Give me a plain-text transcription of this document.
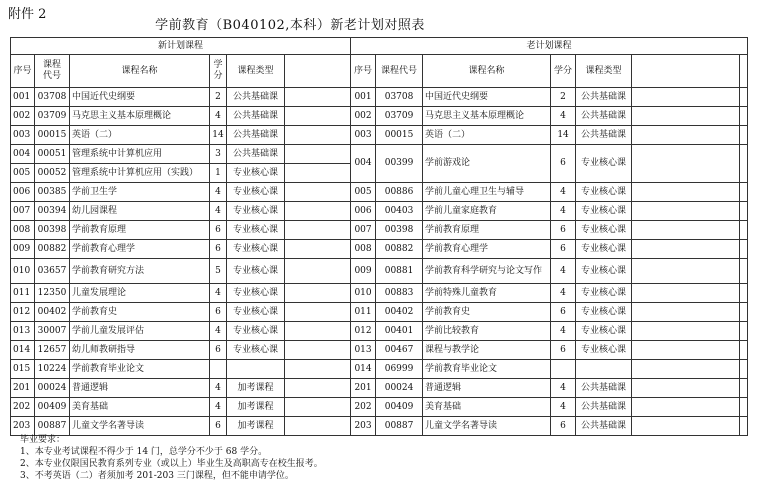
附件 2
学前教育（B040102,本科）新老计划对照表
新计划课程						老计划课程						
序号	课程代号	课程名称	学分	课程类型		序号	课程代号	课程名称	学分	课程类型		
001	03708	中国近代史纲要	2	公共基础课		001	03708	中国近代史纲要	2	公共基础课		
002	03709	马克思主义基本原理概论	4	公共基础课		002	03709	马克思主义基本原理概论	4	公共基础课		
003	00015	英语（二）	14	公共基础课		003	00015	英语（二）	14	公共基础课		
004	00051	管理系统中计算机应用	3	公共基础课		004	00399	学前游戏论	6	专业核心课		
005	00052	管理系统中计算机应用（实践）	1	专业核心课								
006	00385	学前卫生学	4	专业核心课		005	00886	学前儿童心理卫生与辅导	4	专业核心课		
007	00394	幼儿园课程	4	专业核心课		006	00403	学前儿童家庭教育	4	专业核心课		
008	00398	学前教育原理	6	专业核心课		007	00398	学前教育原理	6	专业核心课		
009	00882	学前教育心理学	6	专业核心课		008	00882	学前教育心理学	6	专业核心课		
010	03657	学前教育研究方法	5	专业核心课		009	00881	学前教育科学研究与论文写作	4	专业核心课		
011	12350	儿童发展理论	4	专业核心课		010	00883	学前特殊儿童教育	4	专业核心课		
012	00402	学前教育史	6	专业核心课		011	00402	学前教育史	6	专业核心课		
013	30007	学前儿童发展评估	4	专业核心课		012	00401	学前比较教育	4	专业核心课		
014	12657	幼儿师教研指导	6	专业核心课		013	00467	课程与教学论	6	专业核心课		
015	10224	学前教育毕业论文				014	06999	学前教育毕业论文				
201	00024	普通逻辑	4	加考课程		201	00024	普通逻辑	4	公共基础课		
202	00409	美育基础	4	加考课程		202	00409	美育基础	4	公共基础课		
203	00887	儿童文学名著导读	6	加考课程		203	00887	儿童文学名著导读	6	公共基础课		
毕业要求：
1、本专业考试课程不得少于 14 门，总学分不少于 68 学分。
2、本专业仅限国民教育系列专业（或以上）毕业生及高职高专在校生报考。
3、不考英语（二）者须加考 201-203 三门课程，但不能申请学位。
